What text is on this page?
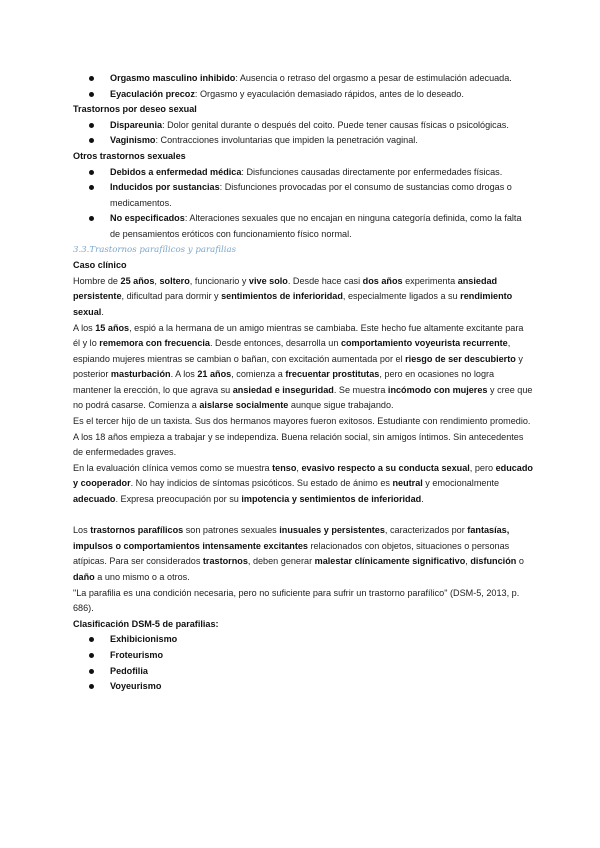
Orgasmo masculino inhibido: Ausencia o retraso del orgasmo a pesar de estimulación adecuada.
Eyaculación precoz: Orgasmo y eyaculación demasiado rápidos, antes de lo deseado.
Trastornos por deseo sexual
Dispareunia: Dolor genital durante o después del coito. Puede tener causas físicas o psicológicas.
Vaginismo: Contracciones involuntarias que impiden la penetración vaginal.
Otros trastornos sexuales
Debidos a enfermedad médica: Disfunciones causadas directamente por enfermedades físicas.
Inducidos por sustancias: Disfunciones provocadas por el consumo de sustancias como drogas o medicamentos.
No especificados: Alteraciones sexuales que no encajan en ninguna categoría definida, como la falta de pensamientos eróticos con funcionamiento físico normal.
3.3.Trastornos parafílicos y parafilias
Caso clínico

Hombre de 25 años, soltero, funcionario y vive solo. Desde hace casi dos años experimenta ansiedad persistente, dificultad para dormir y sentimientos de inferioridad, especialmente ligados a su rendimiento sexual.

A los 15 años, espió a la hermana de un amigo mientras se cambiaba. Este hecho fue altamente excitante para él y lo rememora con frecuencia. Desde entonces, desarrolla un comportamiento voyeurista recurrente, espiando mujeres mientras se cambian o bañan, con excitación aumentada por el riesgo de ser descubierto y posterior masturbación. A los 21 años, comienza a frecuentar prostitutas, pero en ocasiones no logra mantener la erección, lo que agrava su ansiedad e inseguridad. Se muestra incómodo con mujeres y cree que no podrá casarse. Comienza a aislarse socialmente aunque sigue trabajando.

Es el tercer hijo de un taxista. Sus dos hermanos mayores fueron exitosos. Estudiante con rendimiento promedio. A los 18 años empieza a trabajar y se independiza. Buena relación social, sin amigos íntimos. Sin antecedentes de enfermedades graves.

En la evaluación clínica vemos como se muestra tenso, evasivo respecto a su conducta sexual, pero educado y cooperador. No hay indicios de síntomas psicóticos. Su estado de ánimo es neutral y emocionalmente adecuado. Expresa preocupación por su impotencia y sentimientos de inferioridad.

Los trastornos parafílicos son patrones sexuales inusuales y persistentes, caracterizados por fantasías, impulsos o comportamientos intensamente excitantes relacionados con objetos, situaciones o personas atípicas. Para ser considerados trastornos, deben generar malestar clínicamente significativo, disfunción o daño a uno mismo o a otros.

"La parafilia es una condición necesaria, pero no suficiente para sufrir un trastorno parafílico" (DSM-5, 2013, p. 686).

Clasificación DSM-5 de parafilias:
Exhibicionismo
Froteurismo
Pedofilia
Voyeurismo
